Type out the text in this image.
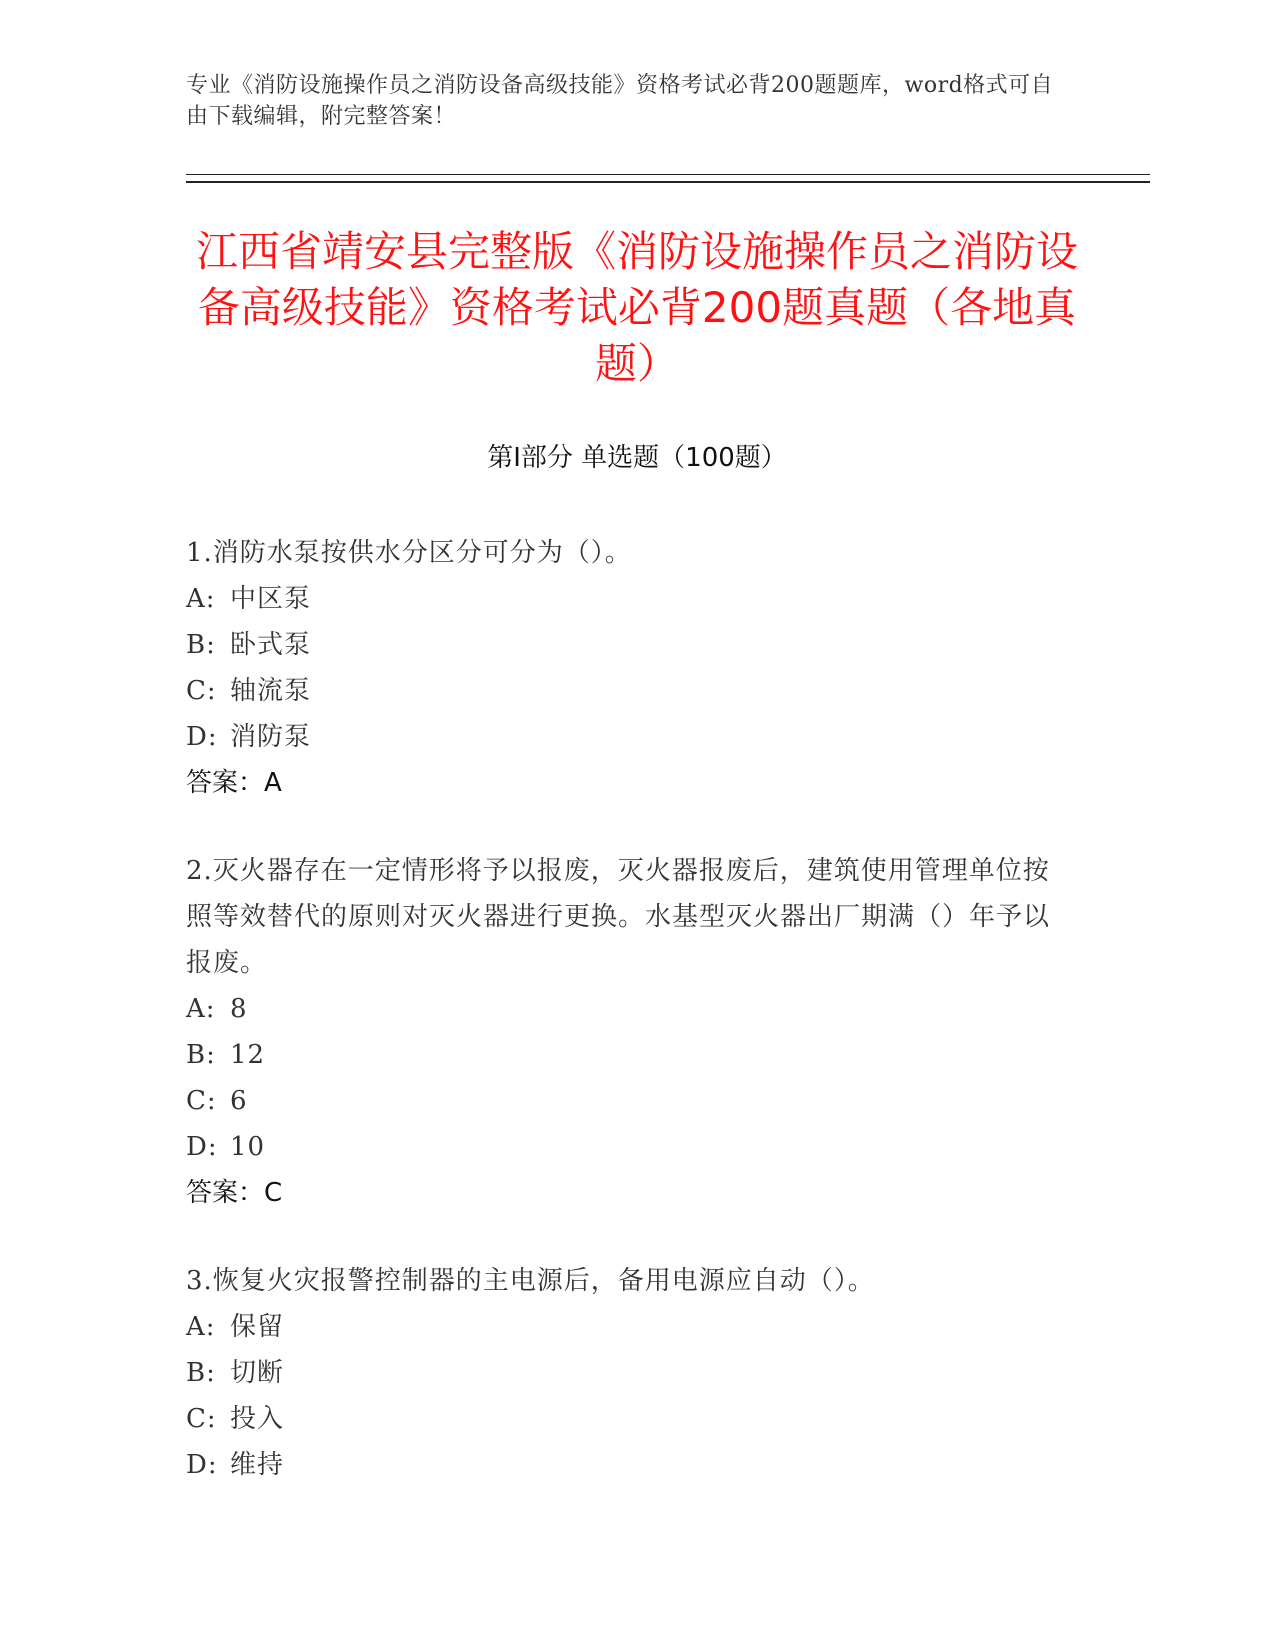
专业《消防设施操作员之消防设备高级技能》资格考试必背200题题库，word格式可自由下载编辑，附完整答案！
江西省靖安县完整版《消防设施操作员之消防设备高级技能》资格考试必背200题真题（各地真题）
第Ⅰ部分 单选题（100题）
1.消防水泵按供水分区分可分为（）。
A: 中区泵
B: 卧式泵
C: 轴流泵
D: 消防泵
答案：A
2.灭火器存在一定情形将予以报废，灭火器报废后，建筑使用管理单位按照等效替代的原则对灭火器进行更换。水基型灭火器出厂期满（）年予以报废。
A: 8
B: 12
C: 6
D: 10
答案：C
3.恢复火灾报警控制器的主电源后，备用电源应自动（）。
A: 保留
B: 切断
C: 投入
D: 维持
